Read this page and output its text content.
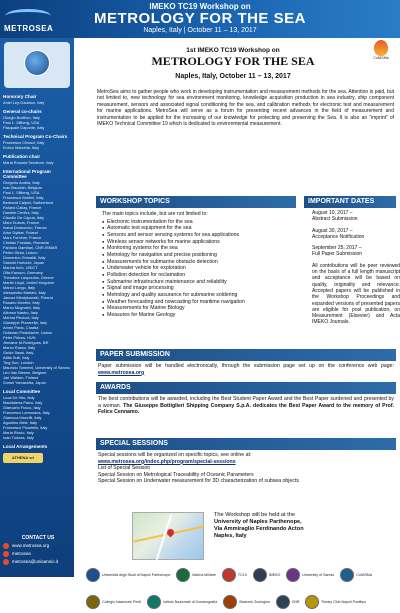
METROSEA
IMEKO TC19 Workshop on
METROLOGY FOR THE SEA
Naples, Italy | October 11 – 13, 2017
Honorary Chair
Aniel Ley-Gaubion, Italy
General co-chairs
Giorgio Budillon, Italy
Paul L. Sillberg, USA
Pasquale Daponte, Italy
Technical Program Co-Chairs
Francesco Chiosci, Italy
Enrico Marsella, Italy
Publication chair
Maria Rosaria Senatore, Italy
International Program Committee
Gregorio Andria, Italy
Ivan Baudoin, Belgium
Paul L. Sillberg, USA
Francesco Bonfini, Italy
Bertrand Calpini, Switzerland
Roland Cailay, France
Daniele Cenfini, Italy
Claudio De Capua, Italy
Marc Dubois, France
Ioana Durducvcu, France
Artur Dyblar, Poland
Marc Fornlum, France
Cristian Fosalau, Romania
Fabiano Gambari, CNR-ISMAR
Pedro Girao, Lisbon
Domenico Grimaldi, Italy
Satoshi Horiuchi, Japan
Marina Iorio, UNICT
Olfa Kanoun, Germany
Theodore Laopoulos, Greece
Martin Lloyd, United Kingdom
Marco Longo, Italy
Alessandro Mariani, Italy
Janusz Mindykowski, Poland
Rosario Morello, Italy
Marco Mugnaini, Italy
Alfonso Nastro, Italy
Marina Picciuol, Italy
Giuseppe Pizzarella, Italy
Armin Pavic, Croatia
Octavian Postolache, Lisbon
Peter Prikow, HUN
Jemaine M.Rodrigues, BR
Marco Russo, Italy
Guido Sassi, Italy
Attila Sulli, Italy
Ting Sun, London
Mauricio Tommini, University of Sannio
Leo Van Biesen, Belgium
Jari Walden, Finland
Sumei Yamashita, Japan
Local Committee
Luca De Vito, Italy
Maddalena Palco, Italy
Giancarlo Fusco, Italy
Francesco Lamonaca, Italy
Gianluca Mazzilli, Italy
Agostino Mele, Italy
Francesco Picariello, Italy
Maria Riccio, Italy
Ioan Tudosa, Italy
Local Arrangements
ATHENA srl
CONTACT US
www.metrosea.org
metrosea
metrosea@unisannio.it
CoNISMa
1st IMEKO TC19 Workshop on
METROLOGY FOR THE SEA
Naples, Italy, October 11 – 13, 2017
MetroSea aims to gather people who work in developing instrumentation and measurement methods for the sea. Attention is paid, but not limited to, new technology for sea environment monitoring, knowledge acquisition production in sea industry, ship component measurement, sensors and associated signal conditioning for the sea, and calibration methods for electronic test and measurement for marine applications. MetroSea will serve as a forum for presenting recent advances in the field of measurement and instrumentation to be applied for the increasing of our knowledge for protecting and preserving the Sea. It is also an “imprint” of IMEKO Technical Committee 19 which is dedicated to environmental measurement.
WORKSHOP TOPICS	IMPORTANT DATES
The main topics include, but are not limited to:
● Electronic instrumentation for the sea
● Automatic test equipment for the sea
● Sensors and sensor sensing systems for sea applications
● Wireless sensor networks for marine applications
● Monitoring systems for the sea
● Metrology for navigation and precise positioning
● Measurements for submarine obstacle detection
● Underwater vehicle for exploration
● Pollution detection for reclamation
● Submarine infrastructure maintenance and reliability
● Signal and image processing
● Metrology and quality assurance for submarine soldering
● Weather forecasting and nowcasting for maritime navigation
● Measurements for Marine Biology
● Measures for Marine Geology
August 10, 2017 –
Abstract Submission
August 30, 2017 –
Acceptance Notification
September 25, 2017 –
Full Paper Submission
All contributions will be peer reviewed on the basis of a full length manuscript and acceptance will be based on quality, originality and relevance. Accepted papers will be published in the Workshop Proceedings and expanded versions of presented papers are eligible for post publication, on Measurement (Elsevier) and Acta IMEKO Journals.
PAPER SUBMISSION
Paper submission will be handled electronically, through the submission page set up on the conference web page: www.metrosea.org
AWARDS
The best contributions will be awarded, including the Best Student Paper Award and the Best Paper surdened and presented by a woman. The Giuseppe Bottiglieri Shipping Company S.p.A. dedicates the Best Paper Award to the memory of Prof. Felice Cennamo.
SPECIAL SESSIONS
Special sessions will be organized on specific topics, see online at:
www.metrosea.org/index.php/program/special-sessions
List of Special Session
Special Session on Metrological Traceability of Oceanic Parameters
Special Session on Underwater measurement for 3D characterization of subsea objects
The Workshop will be held at the
University of Naples Parthenope,
Via Ammiraglio Ferdinando Acton
Naples, Italy
Università degli Studi di Napoli Parthenope	Marina Militare	TC19	IMEKO	University of Sannio	CoNISMa
Collegio Nazionale Periti	Istituto Nazionale di Oceanografia	Stazione Zoologica	CNR	Rotary Club Napoli Posillipo
